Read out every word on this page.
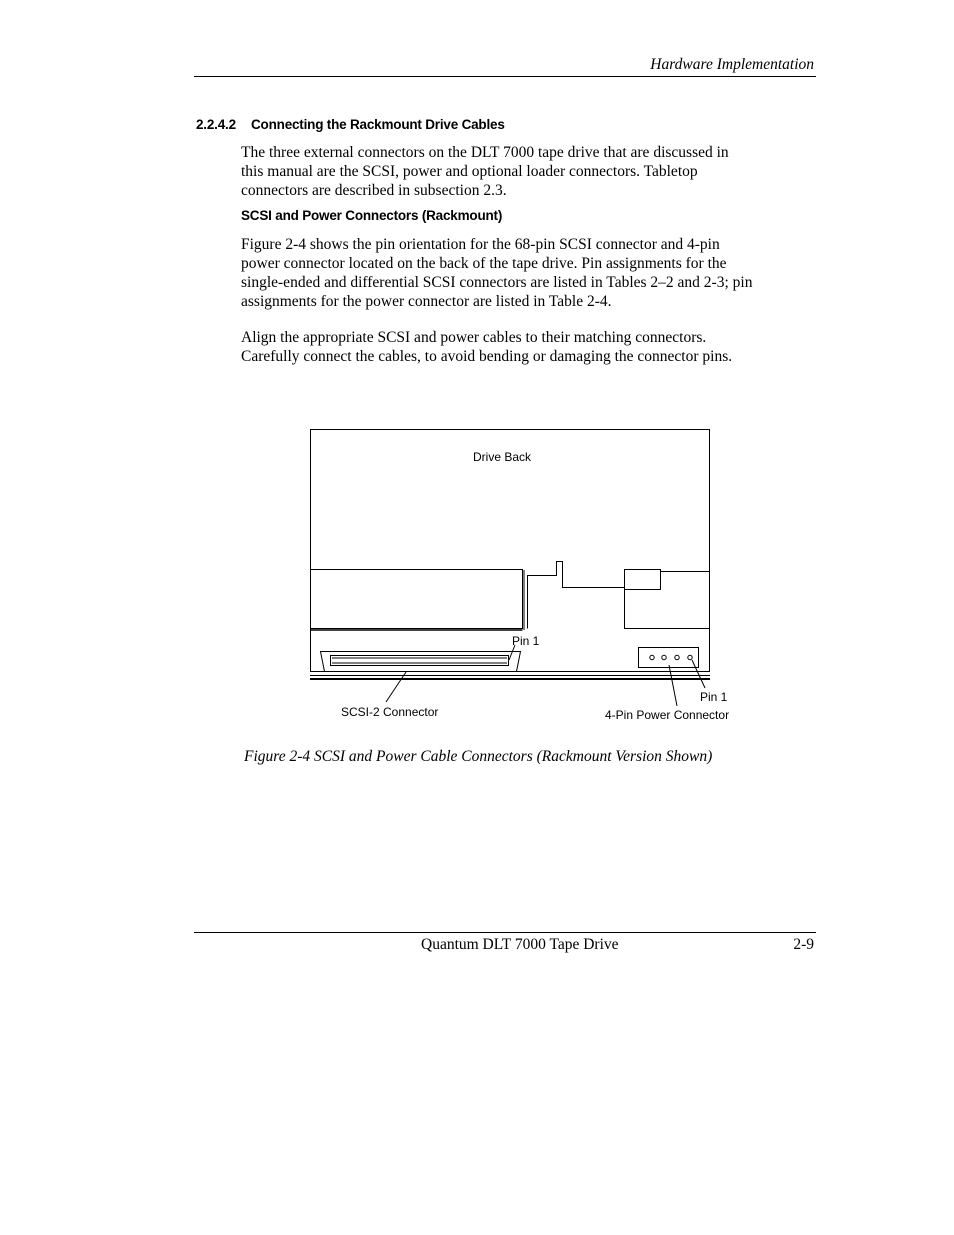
Hardware Implementation
2.2.4.2 Connecting the Rackmount Drive Cables
The three external connectors on the DLT 7000 tape drive that are discussed in
this manual are the SCSI, power and optional loader connectors. Tabletop
connectors are described in subsection 2.3.
SCSI and Power Connectors (Rackmount)
Figure 2-4 shows the pin orientation for the 68-pin SCSI connector and 4-pin
power connector located on the back of the tape drive. Pin assignments for the
single-ended and differential SCSI connectors are listed in Tables 2–2 and 2-3; pin
assignments for the power connector are listed in Table 2-4.
Align the appropriate SCSI and power cables to their matching connectors.
Carefully connect the cables, to avoid bending or damaging the connector pins.
Drive Back
Pin 1
SCSI-2 Connector
Pin 1
4-Pin Power Connector
Figure 2-4 SCSI and Power Cable Connectors (Rackmount Version Shown)
Quantum DLT 7000 Tape Drive	2-9
